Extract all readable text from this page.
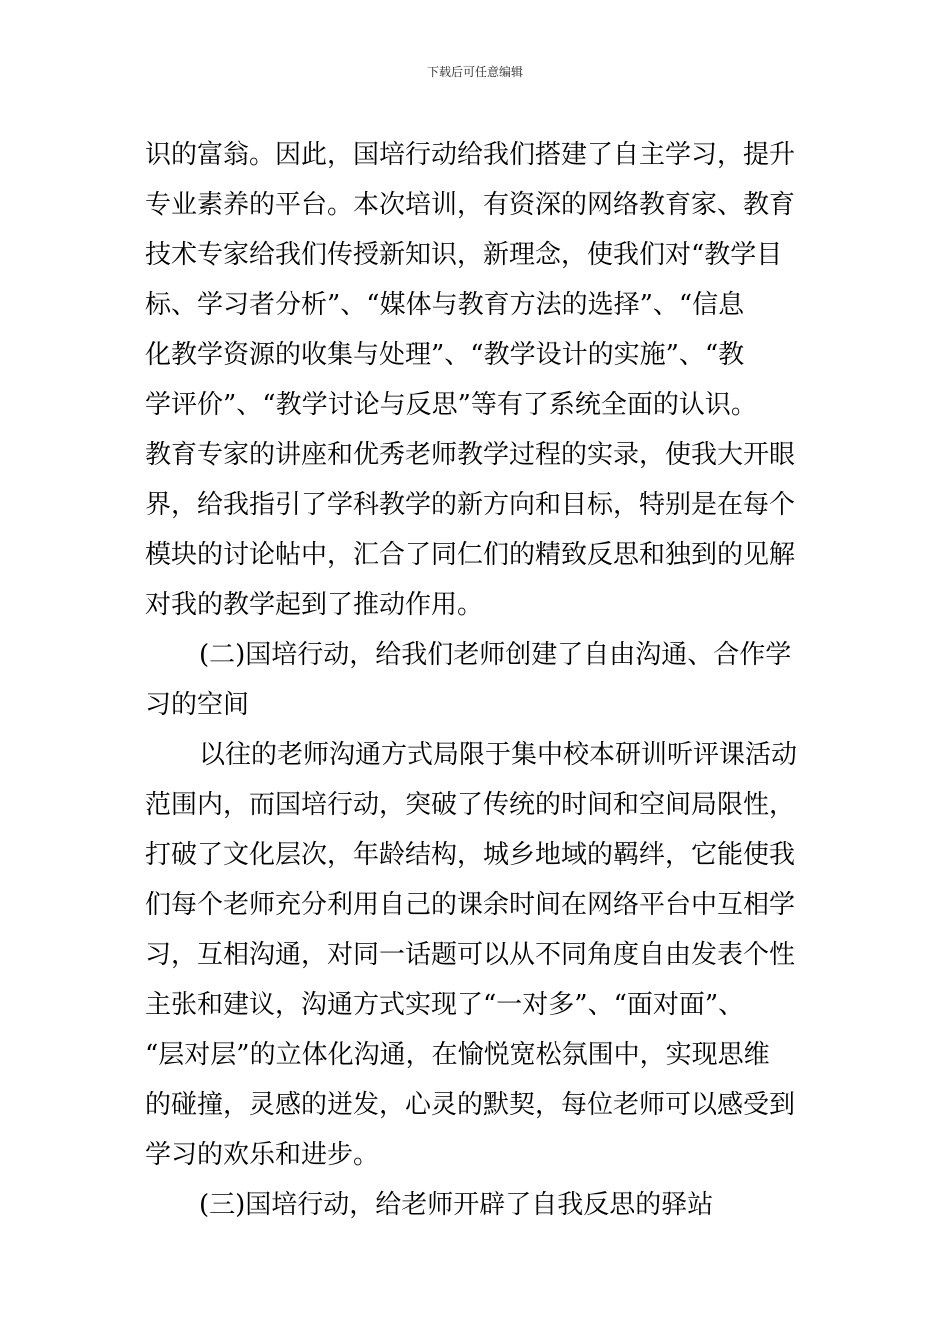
下载后可任意编辑

识的富翁。因此，国培行动给我们搭建了自主学习，提升
专业素养的平台。本次培训，有资深的网络教育家、教育
技术专家给我们传授新知识，新理念，使我们对“教学目
标、学习者分析”、“媒体与教育方法的选择”、“信息
化教学资源的收集与处理”、“教学设计的实施”、“教
学评价”、“教学讨论与反思”等有了系统全面的认识。
教育专家的讲座和优秀老师教学过程的实录，使我大开眼
界，给我指引了学科教学的新方向和目标，特别是在每个
模块的讨论帖中，汇合了同仁们的精致反思和独到的见解
对我的教学起到了推动作用。

(二)国培行动，给我们老师创建了自由沟通、合作学
习的空间

以往的老师沟通方式局限于集中校本研训听评课活动
范围内，而国培行动，突破了传统的时间和空间局限性，
打破了文化层次，年龄结构，城乡地域的羁绊，它能使我
们每个老师充分利用自己的课余时间在网络平台中互相学
习，互相沟通，对同一话题可以从不同角度自由发表个性
主张和建议，沟通方式实现了“一对多”、“面对面”、
“层对层”的立体化沟通，在愉悦宽松氛围中，实现思维
的碰撞，灵感的迸发，心灵的默契，每位老师可以感受到
学习的欢乐和进步。

(三)国培行动，给老师开辟了自我反思的驿站
